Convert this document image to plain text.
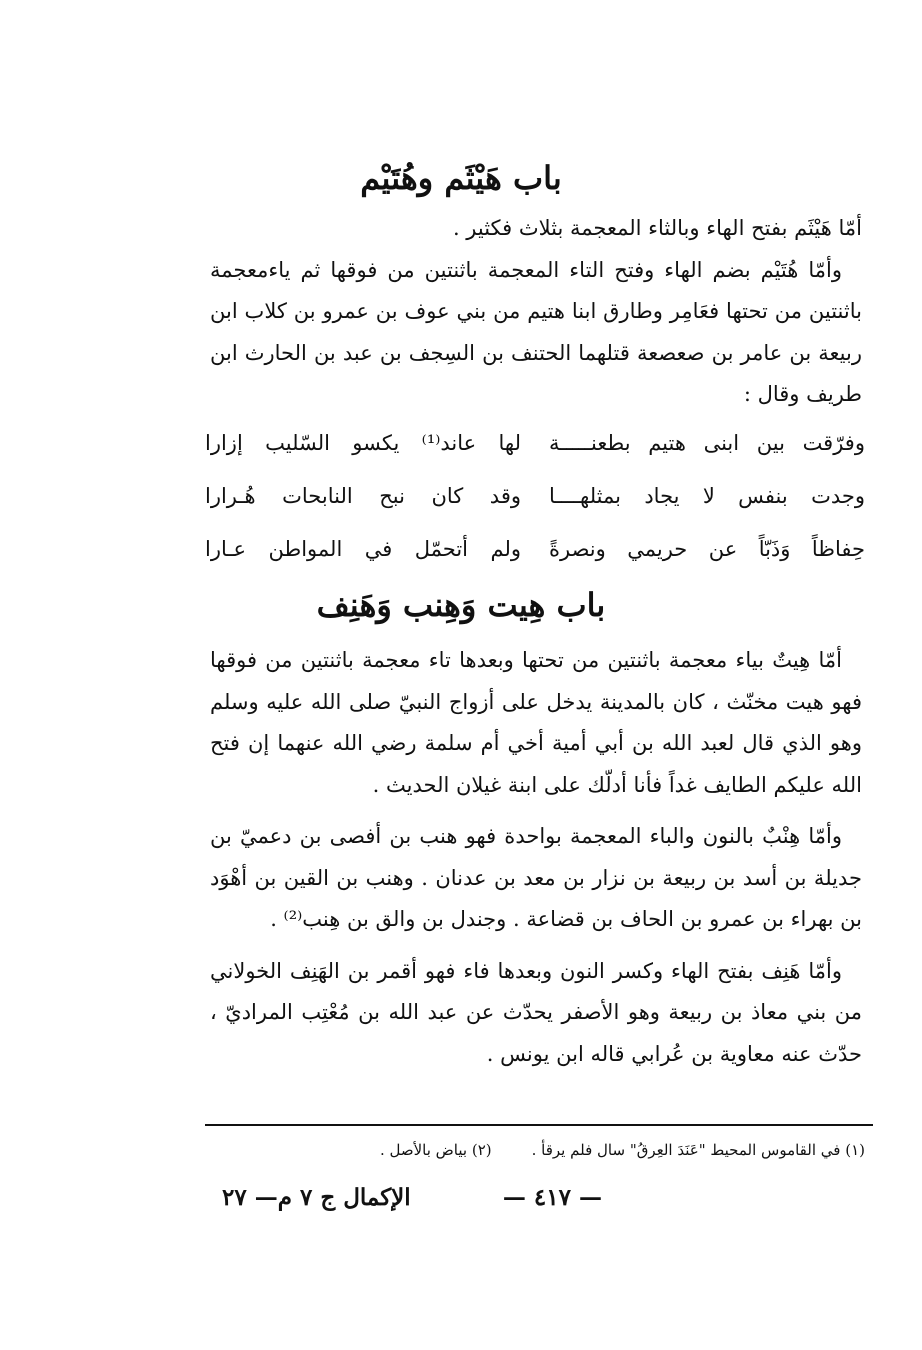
باب هَيْثَم وهُتَيْم

أمّا هَيْثَم بفتح الهاء وبالثاء المعجمة بثلاث فكثير .

وأمّا هُتَيْم بضم الهاء وفتح التاء المعجمة باثنتين من فوقها ثم ياءمعجمة باثنتين من تحتها فعَامِر وطارق ابنا هتيم من بني عوف بن عمرو بن كلاب ابن ربيعة بن عامر بن صعصعة قتلهما الحتنف بن السِجف بن عبد بن الحارث ابن طريف وقال :

وفرّقت بين ابنى هتيم بطعنـــــة
لها عاند⁽¹⁾ يكسو السّليب إزارا
وجدت بنفس لا يجاد بمثلهــــا
وقد كان نبح النابحات هُـرارا
حِفاظاً وَذَبّاً عن حريمي ونصرةً
ولم أتحمّل في المواطن عـارا
باب هِيت وَهِنب وَهَنِف

أمّا هِيتٌ بياء معجمة باثنتين من تحتها وبعدها تاء معجمة باثنتين من فوقها فهو هيت مخنّث ، كان بالمدينة يدخل على أزواج النبيّ صلى الله عليه وسلم وهو الذي قال لعبد الله بن أبي أمية أخي أم سلمة رضي الله عنهما إن فتح الله عليكم الطايف غداً فأنا أدلّك على ابنة غيلان الحديث .

وأمّا هِنْبٌ بالنون والباء المعجمة بواحدة فهو هنب بن أفصى بن دعميّ بن جديلة بن أسد بن ربيعة بن نزار بن معد بن عدنان . وهنب بن القين بن أهْوَد بن بهراء بن عمرو بن الحاف بن قضاعة . وجندل بن والق بن هِنب⁽²⁾ .

وأمّا هَنِف بفتح الهاء وكسر النون وبعدها فاء فهو أقمر بن الهَنِف الخولاني من بني معاذ بن ربيعة وهو الأصفر يحدّث عن عبد الله بن مُعْتِب المراديّ ، حدّث عنه معاوية بن عُرابي قاله ابن يونس .

(١) في القاموس المحيط "عَنَدَ العِرقُ" سال فلم يرقأ .
(٢) بياض بالأصل .
— ٤١٧ —
الإكمال ج ٧ م— ٢٧
